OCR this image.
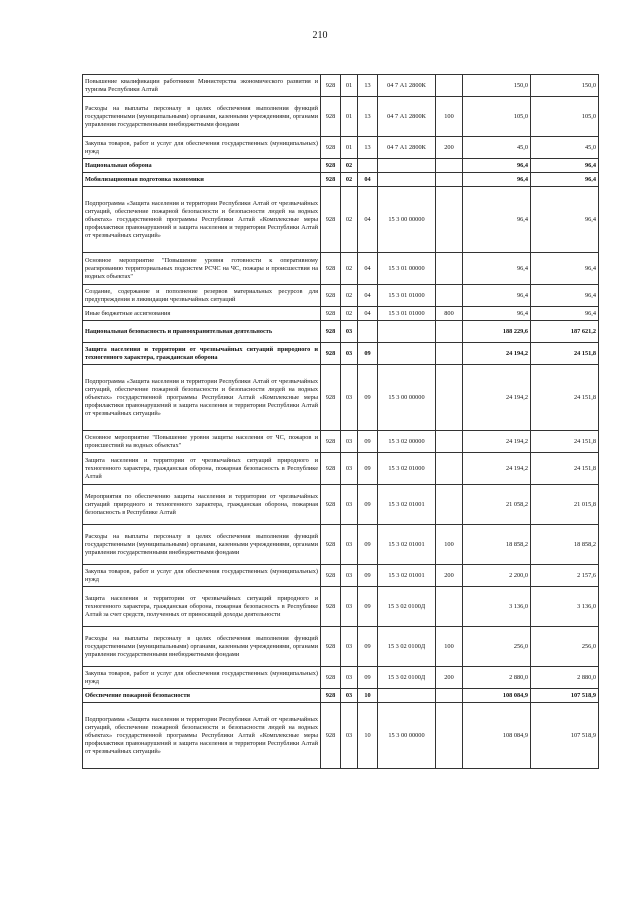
210
Повышение квалификации работников Министерства экономического развития и туризма Республики Алтай	928	01	13	04 7 А1 2800К		150,0	150,0
Расходы на выплаты персоналу в целях обеспечения выполнения функций государственными (муниципальными) органами, казенными учреждениями, органами управления государственными внебюджетными фондами	928	01	13	04 7 А1 2800К	100	105,0	105,0
Закупка товаров, работ и услуг для обеспечения государственных (муниципальных) нужд	928	01	13	04 7 А1 2800К	200	45,0	45,0
Национальная оборона	928	02				96,4	96,4
Мобилизационная подготовка экономики	928	02	04			96,4	96,4
Подпрограмма «Защита населения и территории Республики Алтай от чрезвычайных ситуаций, обеспечение пожарной безопасности и безопасности людей на водных объектах» государственной программы Республики Алтай «Комплексные меры профилактики правонарушений и защита населения и территории Республики Алтай от чрезвычайных ситуаций»	928	02	04	15 3 00 00000		96,4	96,4
Основное мероприятие "Повышение уровня готовности к оперативному реагированию территориальных подсистем РСЧС на ЧС, пожары и происшествия на водных объектах"	928	02	04	15 3 01 00000		96,4	96,4
Создание, содержание и пополнение резервов материальных ресурсов для предупреждения и ликвидации чрезвычайных ситуаций	928	02	04	15 3 01 01000		96,4	96,4
Иные бюджетные ассигнования	928	02	04	15 3 01 01000	800	96,4	96,4
Национальная безопасность и правоохранительная деятельность	928	03				188 229,6	187 621,2
Защита населения и территории от чрезвычайных ситуаций природного и техногенного характера, гражданская оборона	928	03	09			24 194,2	24 151,8
Подпрограмма «Защита населения и территории Республики Алтай от чрезвычайных ситуаций, обеспечение пожарной безопасности и безопасности людей на водных объектах» государственной программы Республики Алтай «Комплексные меры профилактики правонарушений и защита населения и территории Республики Алтай от чрезвычайных ситуаций»	928	03	09	15 3 00 00000		24 194,2	24 151,8
Основное мероприятие "Повышение уровня защиты населения от ЧС, пожаров и происшествий на водных объектах"	928	03	09	15 3 02 00000		24 194,2	24 151,8
Защита населения и территории от чрезвычайных ситуаций природного и техногенного характера, гражданская оборона, пожарная безопасность в Республике Алтай	928	03	09	15 3 02 01000		24 194,2	24 151,8
Мероприятия по обеспечению защиты населения и территории от чрезвычайных ситуаций природного и техногенного характера, гражданская оборона, пожарная безопасность в Республике Алтай	928	03	09	15 3 02 01001		21 058,2	21 015,8
Расходы на выплаты персоналу в целях обеспечения выполнения функций государственными (муниципальными) органами, казенными учреждениями, органами управления государственными внебюджетными фондами	928	03	09	15 3 02 01001	100	18 858,2	18 858,2
Закупка товаров, работ и услуг для обеспечения государственных (муниципальных) нужд	928	03	09	15 3 02 01001	200	2 200,0	2 157,6
Защита населения и территории от чрезвычайных ситуаций природного и техногенного характера, гражданская оборона, пожарная безопасность в Республике Алтай за счет средств, полученных от приносящей доходы деятельности	928	03	09	15 3 02 0100Д		3 136,0	3 136,0
Расходы на выплаты персоналу в целях обеспечения выполнения функций государственными (муниципальными) органами, казенными учреждениями, органами управления государственными внебюджетными фондами	928	03	09	15 3 02 0100Д	100	256,0	256,0
Закупка товаров, работ и услуг для обеспечения государственных (муниципальных) нужд	928	03	09	15 3 02 0100Д	200	2 880,0	2 880,0
Обеспечение пожарной безопасности	928	03	10			108 084,9	107 518,9
Подпрограмма «Защита населения и территории Республики Алтай от чрезвычайных ситуаций, обеспечение пожарной безопасности и безопасности людей на водных объектах» государственной программы Республики Алтай «Комплексные меры профилактики правонарушений и защита населения и территории Республики Алтай от чрезвычайных ситуаций»	928	03	10	15 3 00 00000		108 084,9	107 518,9
